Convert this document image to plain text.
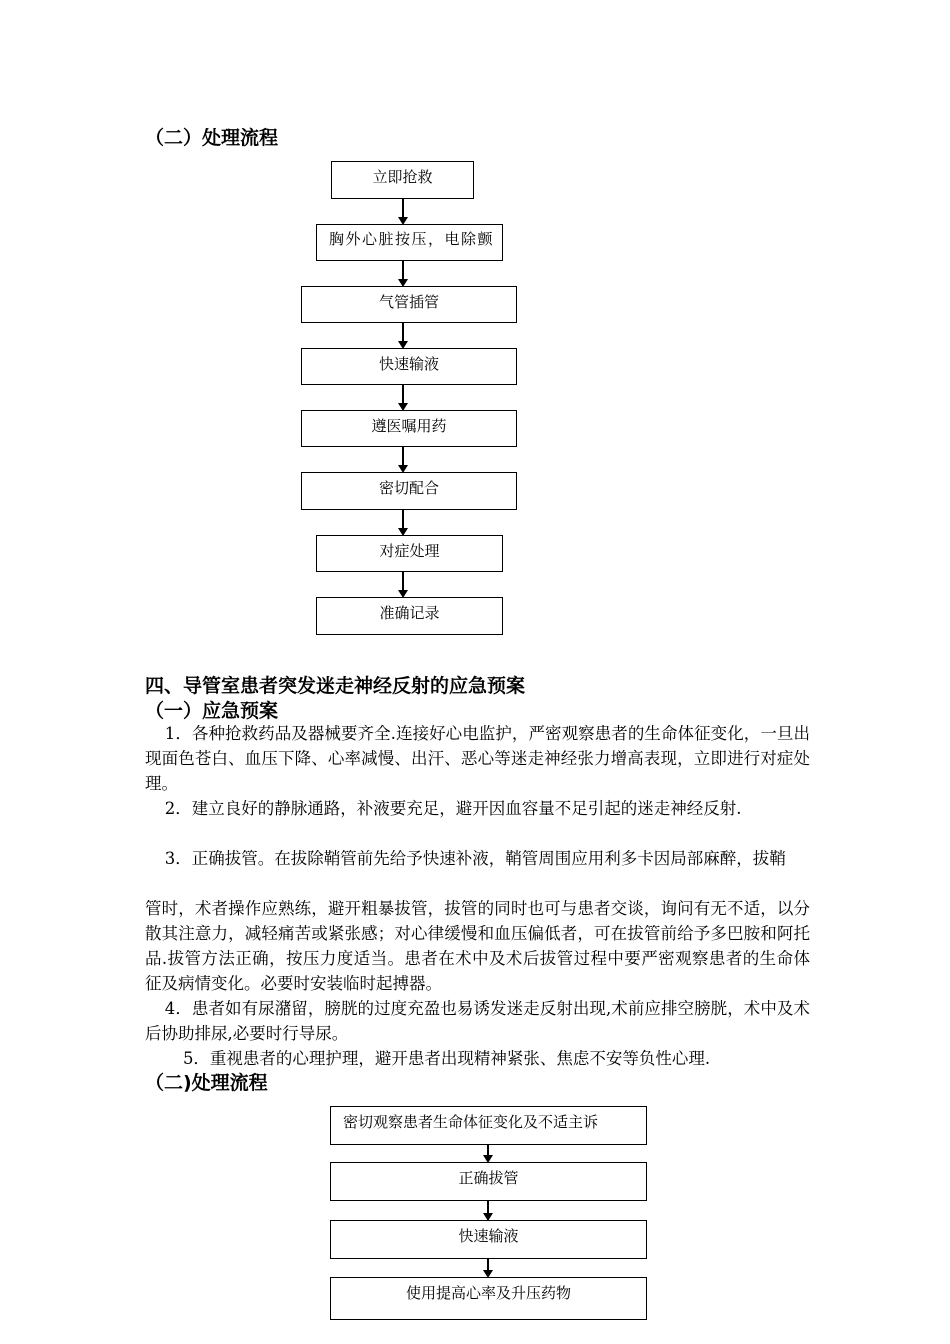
（二）处理流程
立即抢救
胸外心脏按压，电除颤
气管插管
快速输液
遵医嘱用药
密切配合
对症处理
准确记录
四、导管室患者突发迷走神经反射的应急预案
（一）应急预案

1．各种抢救药品及器械要齐全.连接好心电监护，严密观察患者的生命体征变化，一旦出现面色苍白、血压下降、心率减慢、出汗、恶心等迷走神经张力增高表现，立即进行对症处理。

2．建立良好的静脉通路，补液要充足，避开因血容量不足引起的迷走神经反射.

3．正确拔管。在拔除鞘管前先给予快速补液，鞘管周围应用利多卡因局部麻醉，拔鞘

管时，术者操作应熟练，避开粗暴拔管，拔管的同时也可与患者交谈，询问有无不适，以分散其注意力，减轻痛苦或紧张感；对心律缓慢和血压偏低者，可在拔管前给予多巴胺和阿托品.拔管方法正确，按压力度适当。患者在术中及术后拔管过程中要严密观察患者的生命体征及病情变化。必要时安装临时起搏器。

4．患者如有尿潴留，膀胱的过度充盈也易诱发迷走反射出现,术前应排空膀胱，术中及术后协助排尿,必要时行导尿。

5．重视患者的心理护理，避开患者出现精神紧张、焦虑不安等负性心理.

（二)处理流程
密切观察患者生命体征变化及不适主诉
正确拔管
快速输液
使用提高心率及升压药物
